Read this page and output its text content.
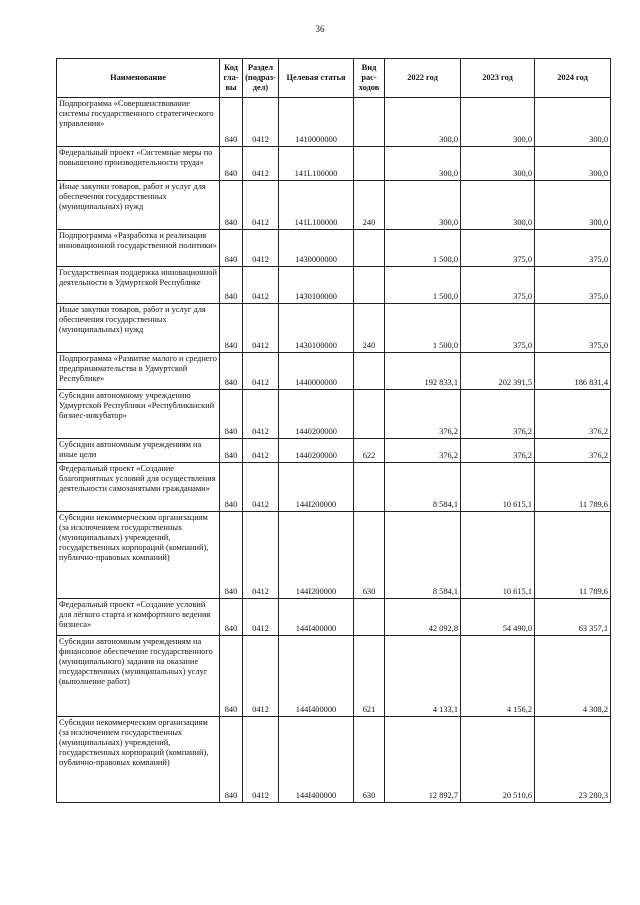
36
Наименование	Код гла-вы	Раздел (подраз-дел)	Целевая статья	Вид рас-ходов	2022 год	2023 год	2024 год
Подпрограмма «Совершенствование системы государственного стратегического управления»	840	0412	1410000000		300,0	300,0	300,0
Федеральный проект «Системные меры по повышению производительности труда»	840	0412	141L100000		300,0	300,0	300,0
Иные закупки товаров, работ и услуг для обеспечения государственных (муниципальных) нужд	840	0412	141L100000	240	300,0	300,0	300,0
Подпрограмма «Разработка и реализация инновационной государственной политики»	840	0412	1430000000		1 500,0	375,0	375,0
Государственная поддержка инновационной деятельности в Удмуртской Республике	840	0412	1430100000		1 500,0	375,0	375,0
Иные закупки товаров, работ и услуг для обеспечения государственных (муниципальных) нужд	840	0412	1430100000	240	1 500,0	375,0	375,0
Подпрограмма «Развитие малого и среднего предпринимательства в Удмуртской Республике»	840	0412	1440000000		192 833,1	202 391,5	186 831,4
Субсидии автономному учреждению Удмуртской Республики «Республиканский бизнес-инкубатор»	840	0412	1440200000		376,2	376,2	376,2
Субсидии автономным учреждениям на иные цели	840	0412	1440200000	622	376,2	376,2	376,2
Федеральный проект «Создание благоприятных условий для осуществления деятельности самозанятыми гражданами»	840	0412	144I200000		8 584,1	10 615,1	11 789,6
Субсидии некоммерческим организациям (за исключением государственных (муниципальных) учреждений, государственных корпораций (компаний), публично-правовых компаний)	840	0412	144I200000	630	8 584,1	10 615,1	11 789,6
Федеральный проект «Создание условий для лёгкого старта и комфортного ведения бизнеса»	840	0412	144I400000		42 092,8	54 490,0	63 357,1
Субсидии автономным учреждениям на финансовое обеспечение государственного (муниципального) задания на оказание государственных (муниципальных) услуг (выполнение работ)	840	0412	144I400000	621	4 133,1	4 156,2	4 308,2
Субсидии некоммерческим организациям (за исключением государственных (муниципальных) учреждений, государственных корпораций (компаний), публично-правовых компаний)	840	0412	144I400000	630	12 892,7	20 510,6	23 280,3
